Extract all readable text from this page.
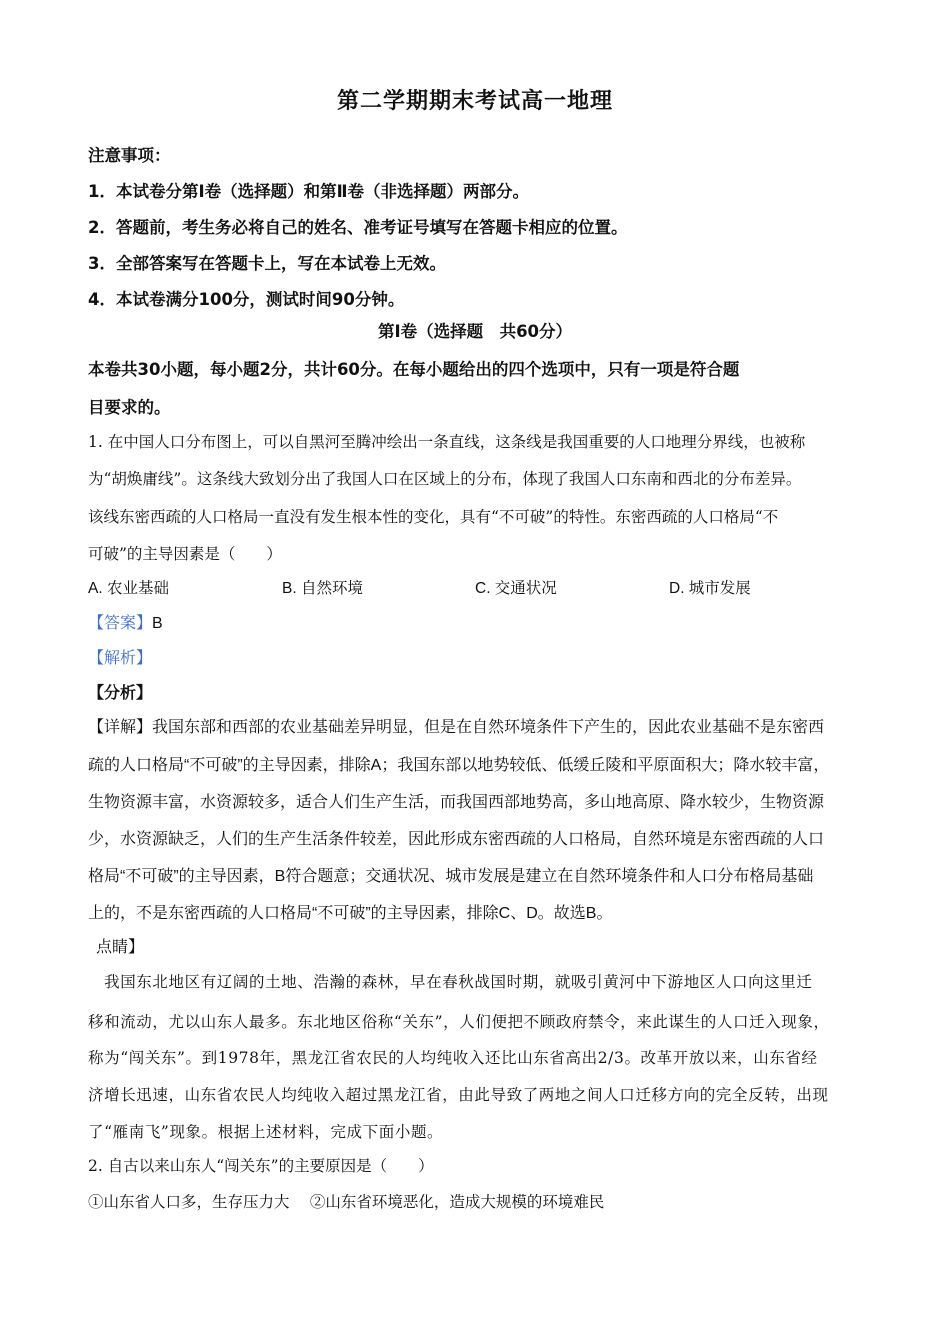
第二学期期末考试高一地理
注意事项：
1．本试卷分第Ⅰ卷（选择题）和第Ⅱ卷（非选择题）两部分。
2．答题前，考生务必将自己的姓名、准考证号填写在答题卡相应的位置。
3．全部答案写在答题卡上，写在本试卷上无效。
4．本试卷满分100分，测试时间90分钟。
第Ⅰ卷（选择题　共60分）
本卷共30小题，每小题2分，共计60分。在每小题给出的四个选项中，只有一项是符合题
目要求的。
1. 在中国人口分布图上，可以自黑河至腾冲绘出一条直线，这条线是我国重要的人口地理分界线，也被称
为“胡焕庸线”。这条线大致划分出了我国人口在区域上的分布，体现了我国人口东南和西北的分布差异。
该线东密西疏的人口格局一直没有发生根本性的变化，具有“不可破”的特性。东密西疏的人口格局“不
可破”的主导因素是（　　）
A. 农业基础	B. 自然环境	C. 交通状况	D. 城市发展
【答案】B
【解析】
【分析】
【详解】我国东部和西部的农业基础差异明显，但是在自然环境条件下产生的，因此农业基础不是东密西
疏的人口格局“不可破”的主导因素，排除A；我国东部以地势较低、低缓丘陵和平原面积大；降水较丰富，
生物资源丰富，水资源较多，适合人们生产生活，而我国西部地势高，多山地高原、降水较少，生物资源
少，水资源缺乏，人们的生产生活条件较差，因此形成东密西疏的人口格局，自然环境是东密西疏的人口
格局“不可破”的主导因素，B符合题意；交通状况、城市发展是建立在自然环境条件和人口分布格局基础
上的，不是东密西疏的人口格局“不可破”的主导因素，排除C、D。故选B。
点睛】
　我国东北地区有辽阔的土地、浩瀚的森林，早在春秋战国时期，就吸引黄河中下游地区人口向这里迁
移和流动，尤以山东人最多。东北地区俗称“关东”，人们便把不顾政府禁令，来此谋生的人口迁入现象，
称为“闯关东”。到1978年，黑龙江省农民的人均纯收入还比山东省高出2/3。改革开放以来，山东省经
济增长迅速，山东省农民人均纯收入超过黑龙江省，由此导致了两地之间人口迁移方向的完全反转，出现
了“雁南飞”现象。根据上述材料，完成下面小题。
2. 自古以来山东人“闯关东”的主要原因是（　　）
①山东省人口多，生存压力大　 ②山东省环境恶化，造成大规模的环境难民
